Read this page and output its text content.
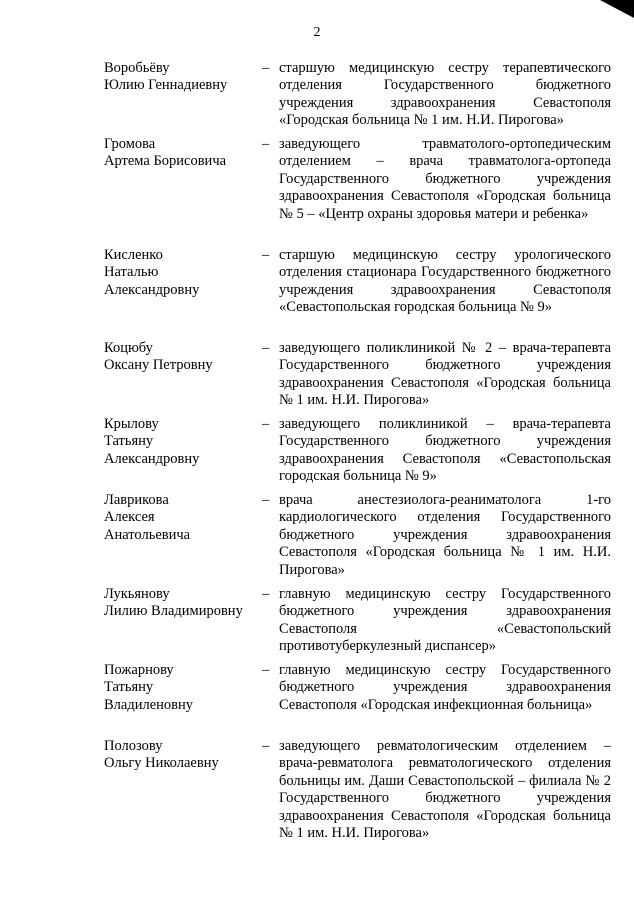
2
Воробьёву
Юлию Геннадиевну
– старшую медицинскую сестру терапевтического отделения Государственного бюджетного учреждения здравоохранения Севастополя «Городская больница № 1 им. Н.И. Пирогова»
Громова
Артема Борисовича
– заведующего травматолого-ортопедическим отделением – врача травматолога-ортопеда Государственного бюджетного учреждения здравоохранения Севастополя «Городская больница № 5 – «Центр охраны здоровья матери и ребенка»
Кисленко
Наталью
Александровну
– старшую медицинскую сестру урологического отделения стационара Государственного бюджетного учреждения здравоохранения Севастополя «Севастопольская городская больница № 9»
Коцюбу
Оксану Петровну
– заведующего поликлиникой № 2 – врача-терапевта Государственного бюджетного учреждения здравоохранения Севастополя «Городская больница № 1 им. Н.И. Пирогова»
Крылову
Татьяну
Александровну
– заведующего поликлиникой – врача-терапевта Государственного бюджетного учреждения здравоохранения Севастополя «Севастопольская городская больница № 9»
Лаврикова
Алексея
Анатольевича
– врача анестезиолога-реаниматолога 1-го кардиологического отделения Государственного бюджетного учреждения здравоохранения Севастополя «Городская больница № 1 им. Н.И. Пирогова»
Лукьянову
Лилию Владимировну
– главную медицинскую сестру Государственного бюджетного учреждения здравоохранения Севастополя «Севастопольский противотуберкулезный диспансер»
Пожарнову
Татьяну
Владиленовну
– главную медицинскую сестру Государственного бюджетного учреждения здравоохранения Севастополя «Городская инфекционная больница»
Полозову
Ольгу Николаевну
– заведующего ревматологическим отделением – врача-ревматолога ревматологического отделения больницы им. Даши Севастопольской – филиала № 2 Государственного бюджетного учреждения здравоохранения Севастополя «Городская больница № 1 им. Н.И. Пирогова»
